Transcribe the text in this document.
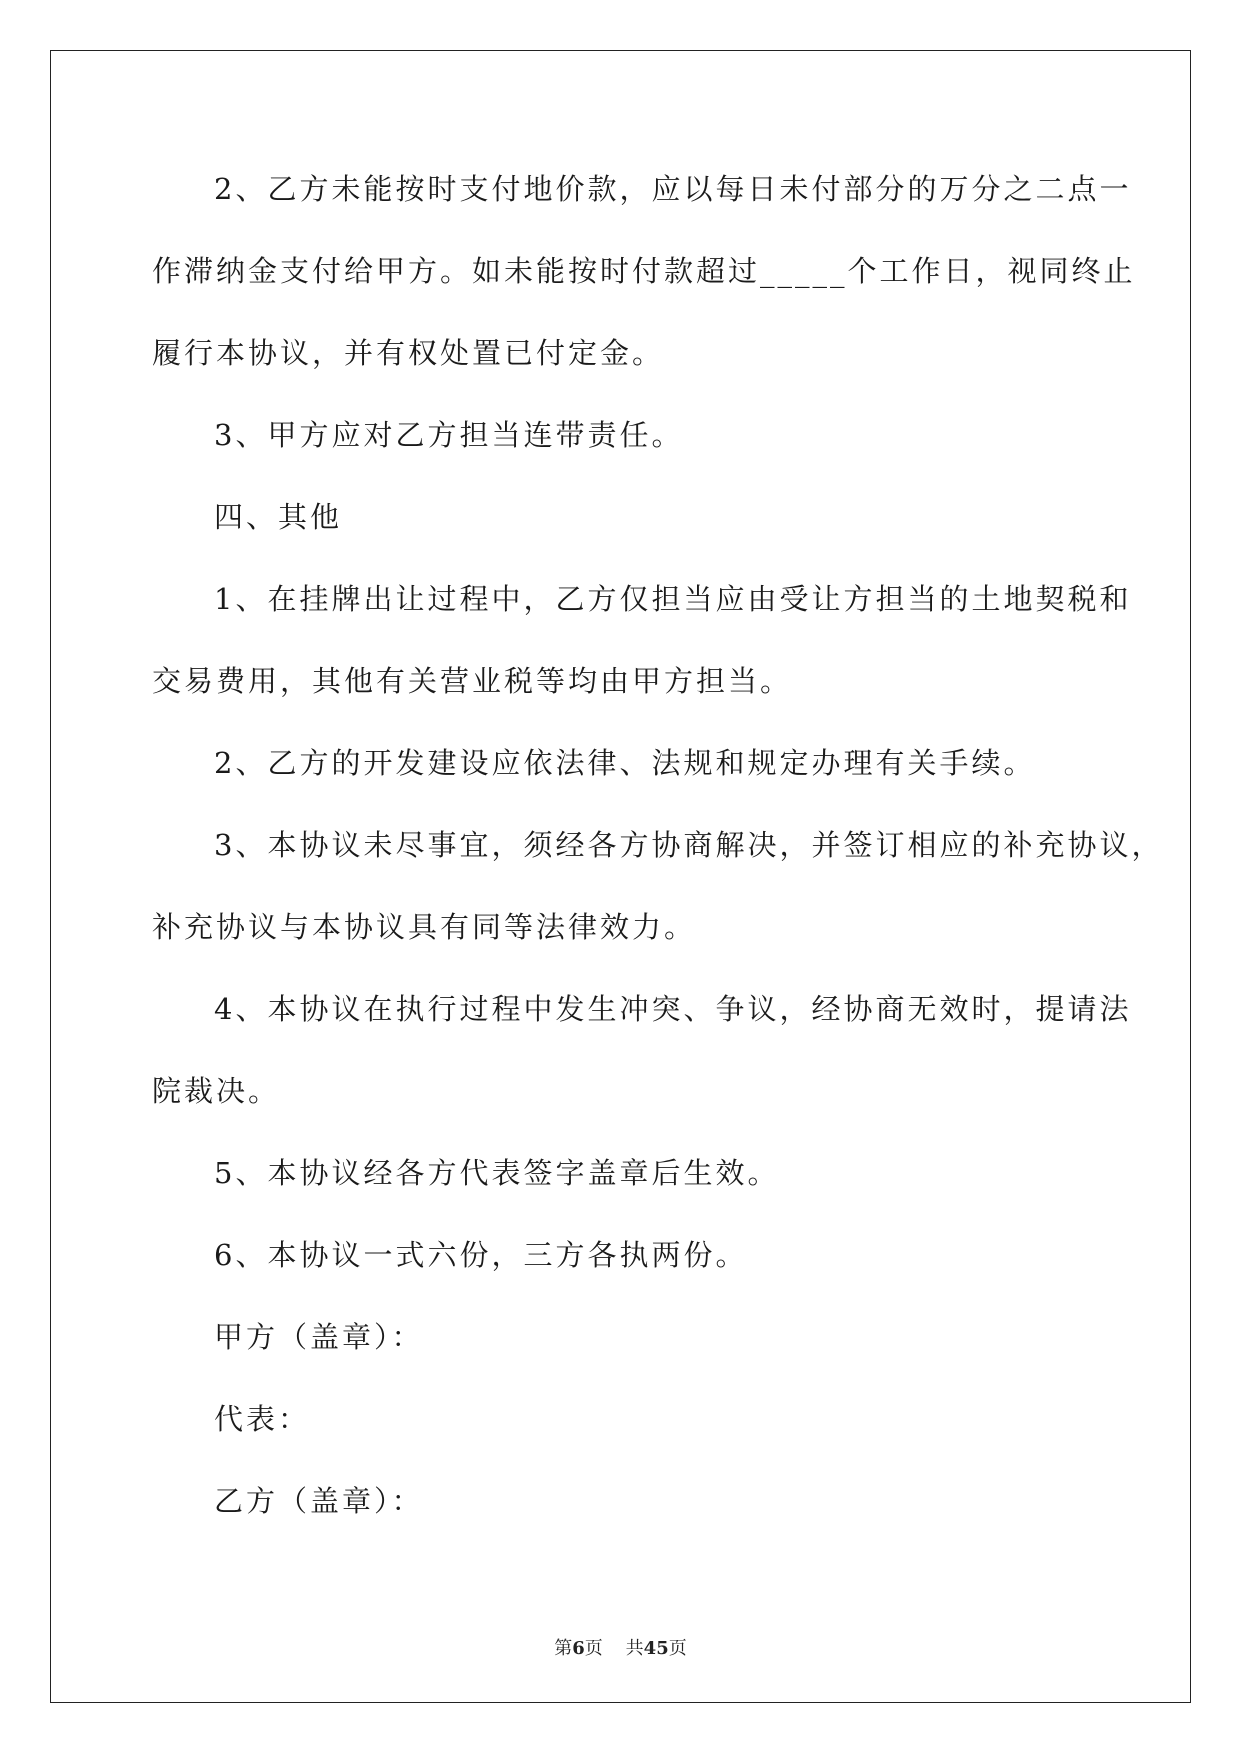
2、乙方未能按时支付地价款，应以每日未付部分的万分之二点一

作滞纳金支付给甲方。如未能按时付款超过_____个工作日，视同终止

履行本协议，并有权处置已付定金。

3、甲方应对乙方担当连带责任。

四、其他

1、在挂牌出让过程中，乙方仅担当应由受让方担当的土地契税和

交易费用，其他有关营业税等均由甲方担当。

2、乙方的开发建设应依法律、法规和规定办理有关手续。

3、本协议未尽事宜，须经各方协商解决，并签订相应的补充协议，

补充协议与本协议具有同等法律效力。

4、本协议在执行过程中发生冲突、争议，经协商无效时，提请法

院裁决。

5、本协议经各方代表签字盖章后生效。

6、本协议一式六份，三方各执两份。

甲方（盖章）：

代表：

乙方（盖章）：

第6页 共45页
